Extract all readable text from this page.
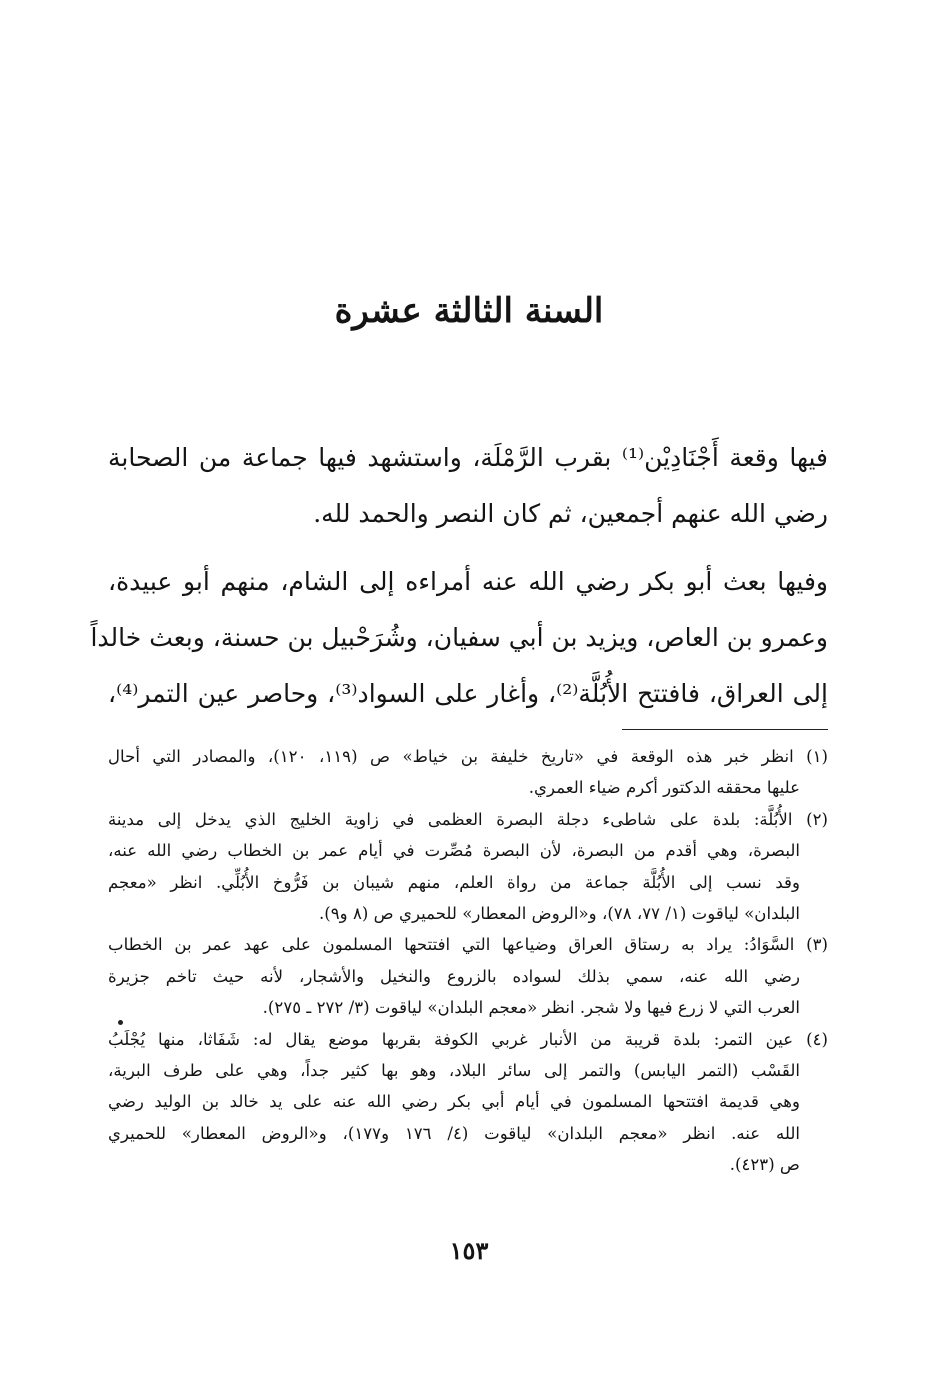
السنة الثالثة عشرة
فيها وقعة أَجْنَادِيْن⁽¹⁾ بقرب الرَّمْلَة، واستشهد فيها جماعة من الصحابة
رضي الله عنهم أجمعين، ثم كان النصر والحمد لله.
وفيها بعث أبو بكر رضي الله عنه أمراءه إلى الشام، منهم أبو عبيدة،
وعمرو بن العاص، ويزيد بن أبي سفيان، وشُرَحْبيل بن حسنة، وبعث خالداً
إلى العراق، فافتتح الأُبُلَّة⁽²⁾، وأغار على السواد⁽³⁾، وحاصر عين التمر⁽⁴⁾،
(١) انظر خبر هذه الوقعة في «تاريخ خليفة بن خياط» ص (١١٩، ١٢٠)، والمصادر التي أحال
عليها محققه الدكتور أكرم ضياء العمري.
(٢) الأُبُلَّة: بلدة على شاطىء دجلة البصرة العظمى في زاوية الخليج الذي يدخل إلى مدينة
البصرة، وهي أقدم من البصرة، لأن البصرة مُصِّرت في أيام عمر بن الخطاب رضي الله عنه،
وقد نسب إلى الأُبُلَّة جماعة من رواة العلم، منهم شيبان بن فَرُّوخ الأُبُلِّي. انظر «معجم
البلدان» لياقوت (١/ ٧٧، ٧٨)، و«الروض المعطار» للحميري ص (٨ و٩).
(٣) السَّوَادُ: يراد به رستاق العراق وضياعها التي افتتحها المسلمون على عهد عمر بن الخطاب
رضي الله عنه، سمي بذلك لسواده بالزروع والنخيل والأشجار، لأنه حيث تاخم جزيرة
العرب التي لا زرع فيها ولا شجر. انظر «معجم البلدان» لياقوت (٣/ ٢٧٢ ـ ٢٧٥).
(٤) عين التمر: بلدة قريبة من الأنبار غربي الكوفة بقربها موضع يقال له: شَفَاثا، منها يُجْلَبُ
القَسْب (التمر اليابس) والتمر إلى سائر البلاد، وهو بها كثير جداً، وهي على طرف البرية،
وهي قديمة افتتحها المسلمون في أيام أبي بكر رضي الله عنه على يد خالد بن الوليد رضي
الله عنه. انظر «معجم البلدان» لياقوت (٤/ ١٧٦ و١٧٧)، و«الروض المعطار» للحميري
ص (٤٢٣).
١٥٣
